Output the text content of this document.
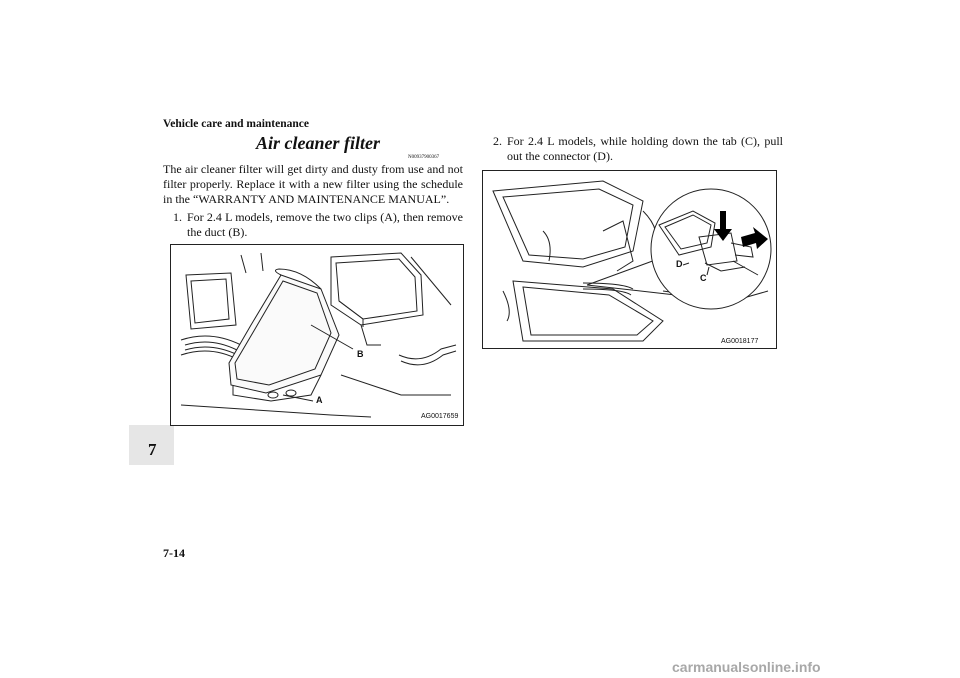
Vehicle care and maintenance
7
Air cleaner filter
N00937900367
The air cleaner filter will get dirty and dusty from use and not filter properly. Replace it with a new filter using the schedule in the “WARRANTY AND MAINTENANCE MANUAL”.
1. For 2.4 L models, remove the two clips (A), then remove the duct (B).
B
A
AG0017659
2. For 2.4 L models, while holding down the tab (C), pull out the connector (D).
D
C
AG0018177
7-14
carmanualsonline.info
